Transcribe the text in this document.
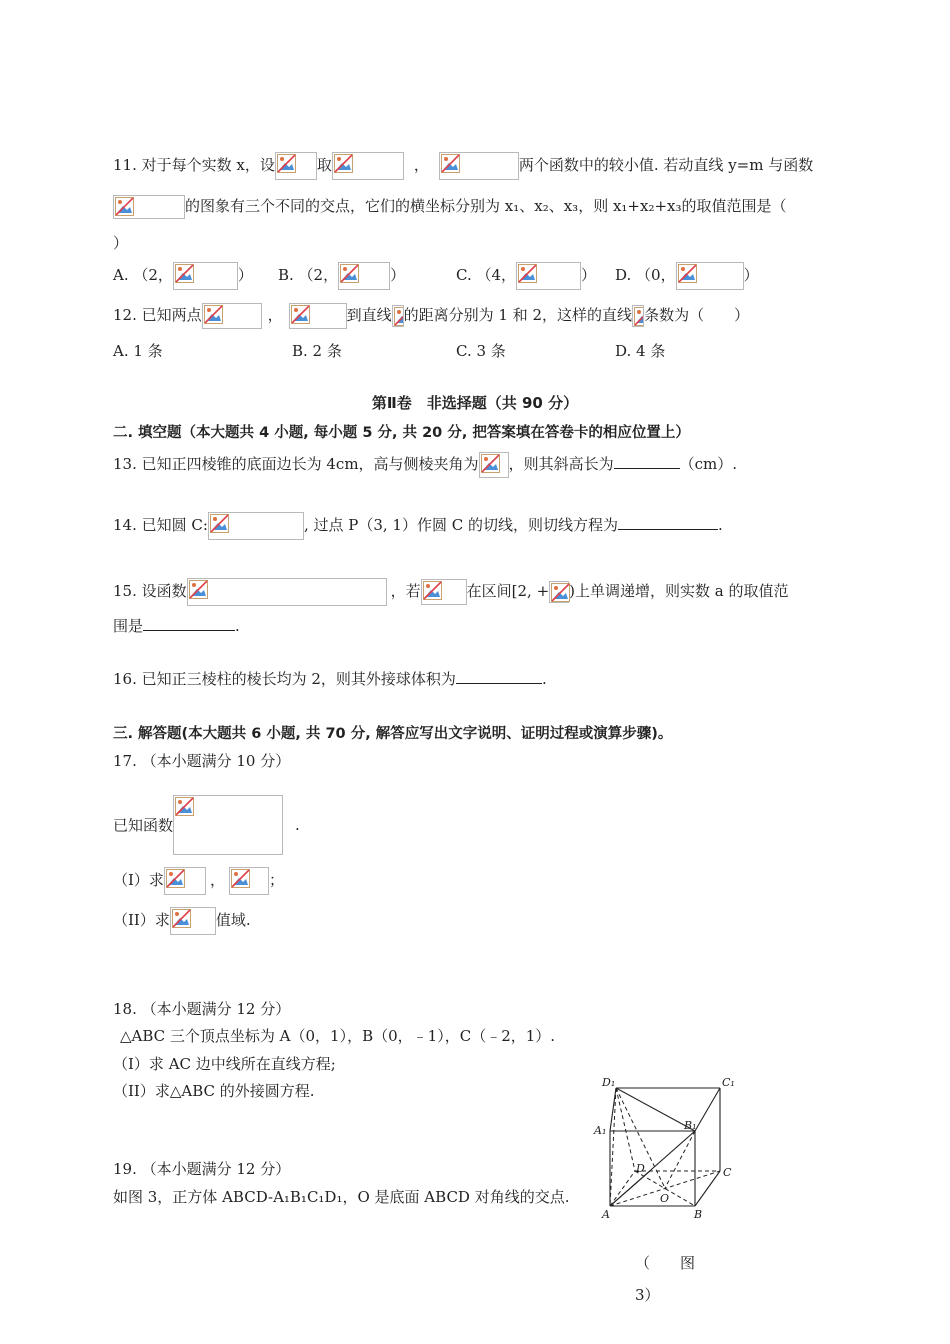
11. 对于每个实数 x，设	取	，	两个函数中的较小值. 若动直线 y=m 与函数
的图象有三个不同的交点，它们的横坐标分别为 x₁、x₂、x₃，则 x₁+x₂+x₃的取值范围是（
）
A. （2，	） B. （2，	）	C. （4，	） D. （0，	）
12. 已知两点	，	到直线 的距离分别为 1 和 2，这样的直线 条数为（　　）
A. 1 条	B. 2 条	C. 3 条	D. 4 条
第Ⅱ卷　非选择题（共 90 分）
二. 填空题（本大题共 4 小题, 每小题 5 分, 共 20 分, 把答案填在答卷卡的相应位置上）
13. 已知正四棱锥的底面边长为 4cm，高与侧棱夹角为 ，则其斜高长为	（cm）.
14. 已知圆 C:	, 过点 P（3, 1）作圆 C 的切线，则切线方程为	.
15. 设函数	，若	在区间[2, + )上单调递增，则实数 a 的取值范
围是	.
16. 已知正三棱柱的棱长均为 2，则其外接球体积为	.
三. 解答题(本大题共 6 小题, 共 70 分, 解答应写出文字说明、证明过程或演算步骤)。
17. （本小题满分 10 分）
已知函数	.
（I）求	，	；
（II）求	值域.
18. （本小题满分 12 分）
△ABC 三个顶点坐标为 A（0，1），B（0，﹣1），C（﹣2，1）.
（I）求 AC 边中线所在直线方程;
（II）求△ABC 的外接圆方程.
19. （本小题满分 12 分）
如图 3，正方体 ABCD-A₁B₁C₁D₁，O 是底面 ABCD 对角线的交点.
D₁	C₁
B₁
A₁
D	C
A
O
B
（　　图
3）
